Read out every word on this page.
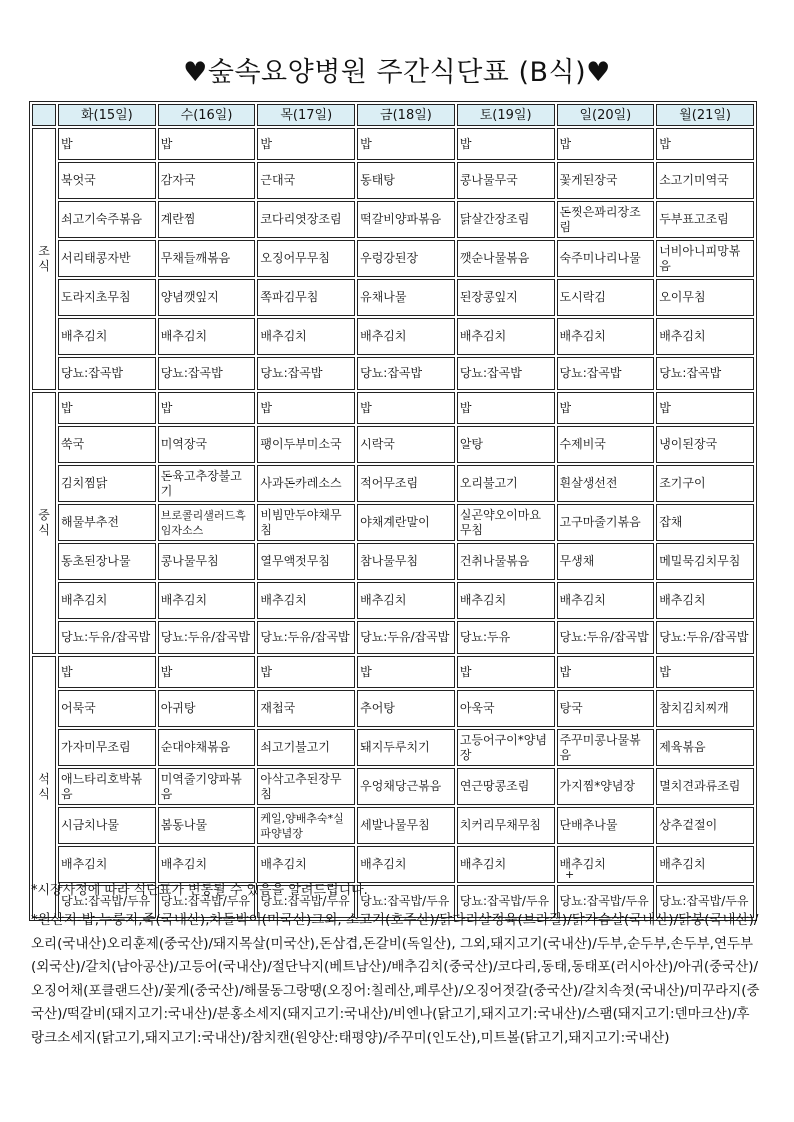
♥숲속요양병원 주간식단표 (B식)♥
	화(15일)	수(16일)	목(17일)	금(18일)	토(19일)	일(20일)	월(21일)

조
식	밥	밥	밥	밥	밥	밥	밥
	북엇국	감자국	근대국	동태탕	콩나물무국	꽃게된장국	소고기미역국
	쇠고기숙주볶음	계란찜	코다리엿장조림	떡갈비양파볶음	닭살간장조림	돈찟은꽈리장조림	두부표고조림
	서리태콩자반	무채들깨볶음	오징어무무침	우렁강된장	깻순나물볶음	숙주미나리나물	너비아니피망볶음
	도라지초무침	양념깻잎지	쪽파김무침	유채나물	된장콩잎지	도시락김	오이무침
	배추김치	배추김치	배추김치	배추김치	배추김치	배추김치	배추김치
	당뇨:잡곡밥	당뇨:잡곡밥	당뇨:잡곡밥	당뇨:잡곡밥	당뇨:잡곡밥	당뇨:잡곡밥	당뇨:잡곡밥

중
식	밥	밥	밥	밥	밥	밥	밥
	쑥국	미역장국	팽이두부미소국	시락국	알탕	수제비국	냉이된장국
	김치찜닭	돈육고추장불고기	사과돈카레소스	적어무조림	오리불고기	흰살생선전	조기구이
	해물부추전	브로콜리샐러드흑임자소스	비빔만두야채무침	야채계란말이	실곤약오이마요무침	고구마줄기볶음	잡채
	동초된장나물	콩나물무침	열무액젓무침	참나물무침	건취나물볶음	무생채	메밀묵김치무침
	배추김치	배추김치	배추김치	배추김치	배추김치	배추김치	배추김치
	당뇨:두유/잡곡밥	당뇨:두유/잡곡밥	당뇨:두유/잡곡밥	당뇨:두유/잡곡밥	당뇨:두유	당뇨:두유/잡곡밥	당뇨:두유/잡곡밥

석
식	밥	밥	밥	밥	밥	밥	밥
	어묵국	아귀탕	재첩국	추어탕	아욱국	탕국	참치김치찌개
	가자미무조림	순대야채볶음	쇠고기불고기	돼지두루치기	고등어구이*양념장	주꾸미콩나물볶음	제육볶음
	애느타리호박볶음	미역줄기양파볶음	아삭고추된장무침	우엉채당근볶음	연근땅콩조림	가지찜*양념장	멸치견과류조림
	시금치나물	봄동나물	케일,양배추숙*실파양념장	세발나물무침	치커리무채무침	단배추나물	상추겉절이
	배추김치	배추김치	배추김치	배추김치	배추김치	배추김치	배추김치
	당뇨:잡곡밥/두유	당뇨:잡곡밥/두유	당뇨:잡곡밥/두유	당뇨:잡곡밥/두유	당뇨:잡곡밥/두유	당뇨:잡곡밥/두유	당뇨:잡곡밥/두유
+
*시장사정에 따라 식단표가 변동될 수 있음을 알려드립니다.
*원산지-밥,누룽지,죽(국내산),차돌박이(미국산)그외, 소고기(호주산)/닭다리살정육(브라질)/닭가슴살(국내산)/닭봉(국내산)/오리(국내산)오리훈제(중국산)/돼지목살(미국산),돈삼겹,돈갈비(독일산), 그외,돼지고기(국내산)/두부,순두부,손두부,연두부(외국산)/갈치(남아공산)/고등어(국내산)/절단낙지(베트남산)/배추김치(중국산)/코다리,동태,동태포(러시아산)/아귀(중국산)/오징어채(포클랜드산)/꽃게(중국산)/해물동그랑땡(오징어:칠레산,페루산)/오징어젓갈(중국산)/갈치속젓(국내산)/미꾸라지(중국산)/떡갈비(돼지고기:국내산)/분홍소세지(돼지고기:국내산)/비엔나(닭고기,돼지고기:국내산)/스팸(돼지고기:덴마크산)/후랑크소세지(닭고기,돼지고기:국내산)/참치캔(원양산:태평양)/주꾸미(인도산),미트볼(닭고기,돼지고기:국내산)
